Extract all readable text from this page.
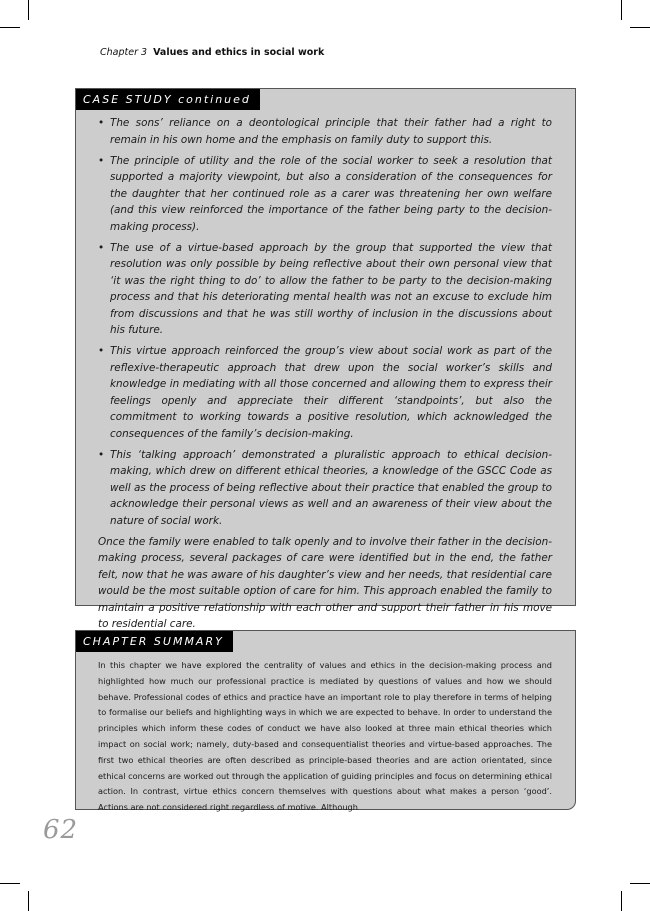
Chapter 3 Values and ethics in social work
CASE STUDY continued
• The sons’ reliance on a deontological principle that their father had a right to remain in his own home and the emphasis on family duty to support this.
• The principle of utility and the role of the social worker to seek a resolution that supported a majority viewpoint, but also a consideration of the consequences for the daughter that her continued role as a carer was threatening her own welfare (and this view reinforced the importance of the father being party to the decision-making process).
• The use of a virtue-based approach by the group that supported the view that resolution was only possible by being reflective about their own personal view that ‘it was the right thing to do’ to allow the father to be party to the decision-making process and that his deteriorating mental health was not an excuse to exclude him from discussions and that he was still worthy of inclusion in the discussions about his future.
• This virtue approach reinforced the group’s view about social work as part of the reflexive-therapeutic approach that drew upon the social worker’s skills and knowledge in mediating with all those concerned and allowing them to express their feelings openly and appreciate their different ‘standpoints’, but also the commitment to working towards a positive resolution, which acknowledged the consequences of the family’s decision-making.
• This ‘talking approach’ demonstrated a pluralistic approach to ethical decision-making, which drew on different ethical theories, a knowledge of the GSCC Code as well as the process of being reflective about their practice that enabled the group to acknowledge their personal views as well and an awareness of their view about the nature of social work.

Once the family were enabled to talk openly and to involve their father in the decision-making process, several packages of care were identified but in the end, the father felt, now that he was aware of his daughter’s view and her needs, that residential care would be the most suitable option of care for him. This approach enabled the family to maintain a positive relationship with each other and support their father in his move to residential care.

CHAPTER SUMMARY

In this chapter we have explored the centrality of values and ethics in the decision-making process and highlighted how much our professional practice is mediated by questions of values and how we should behave. Professional codes of ethics and practice have an important role to play therefore in terms of helping to formalise our beliefs and highlighting ways in which we are expected to behave. In order to understand the principles which inform these codes of conduct we have also looked at three main ethical theories which impact on social work; namely, duty-based and consequentialist theories and virtue-based approaches. The first two ethical theories are often described as principle-based theories and are action orientated, since ethical concerns are worked out through the application of guiding principles and focus on determining ethical action. In contrast, virtue ethics concern themselves with questions about what makes a person ‘good’. Actions are not considered right regardless of motive. Although

62
